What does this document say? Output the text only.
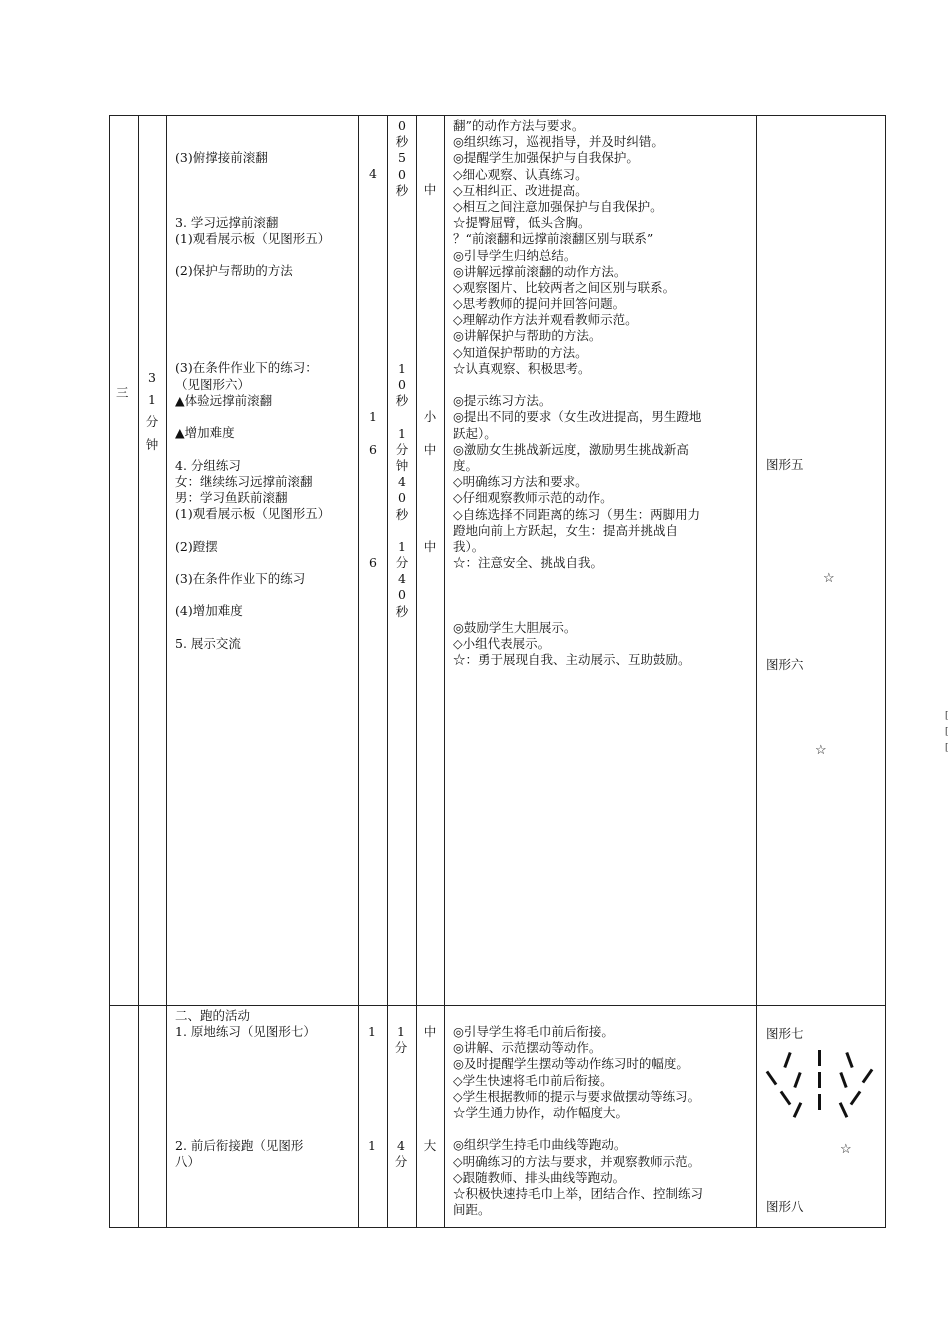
三
3
1
分
钟
(3)俯撑接前滚翻
3. 学习远撑前滚翻
(1)观看展示板（见图形五）
(2)保护与帮助的方法
(3)在条件作业下的练习：
（见图形六）
▲体验远撑前滚翻
▲增加难度
4. 分组练习
女：继续练习远撑前滚翻
男：学习鱼跃前滚翻
(1)观看展示板（见图形五）
(2)蹬摆
(3)在条件作业下的练习
(4)增加难度
5. 展示交流
4
1
6
6
0
秒
5
0
秒
1
0
秒
1
分
钟
4
0
秒
1
分
4
0
秒
中
小
中
中
翻”的动作方法与要求。
◎组织练习，巡视指导，并及时纠错。
◎提醒学生加强保护与自我保护。
◇细心观察、认真练习。
◇互相纠正、改进提高。
◇相互之间注意加强保护与自我保护。
☆提臀屈臂，低头含胸。
？“前滚翻和远撑前滚翻区别与联系”
◎引导学生归纳总结。
◎讲解远撑前滚翻的动作方法。
◇观察图片、比较两者之间区别与联系。
◇思考教师的提问并回答问题。
◇理解动作方法并观看教师示范。
◎讲解保护与帮助的方法。
◇知道保护帮助的方法。
☆认真观察、积极思考。
◎提示练习方法。
◎提出不同的要求（女生改进提高，男生蹬地
跃起）。
◎激励女生挑战新远度，激励男生挑战新高
度。
◇明确练习方法和要求。
◇仔细观察教师示范的动作。
◇自练选择不同距离的练习（男生：两脚用力
蹬地向前上方跃起，女生：提高并挑战自
我）。
☆：注意安全、挑战自我。
◎鼓励学生大胆展示。
◇小组代表展示。
☆：勇于展现自我、主动展示、互助鼓励。
图形五
☆
图形六
☆
二、跑的活动
1. 原地练习（见图形七）
2. 前后衔接跑（见图形
八）
1
1
1
分
4
分
中
大
◎引导学生将毛巾前后衔接。
◎讲解、示范摆动等动作。
◎及时提醒学生摆动等动作练习时的幅度。
◇学生快速将毛巾前后衔接。
◇学生根据教师的提示与要求做摆动等练习。
☆学生通力协作，动作幅度大。
◎组织学生持毛巾曲线等跑动。
◇明确练习的方法与要求，并观察教师示范。
◇跟随教师、排头曲线等跑动。
☆积极快速持毛巾上举，团结合作、控制练习
间距。
图形七
☆
图形八
[
[
[
